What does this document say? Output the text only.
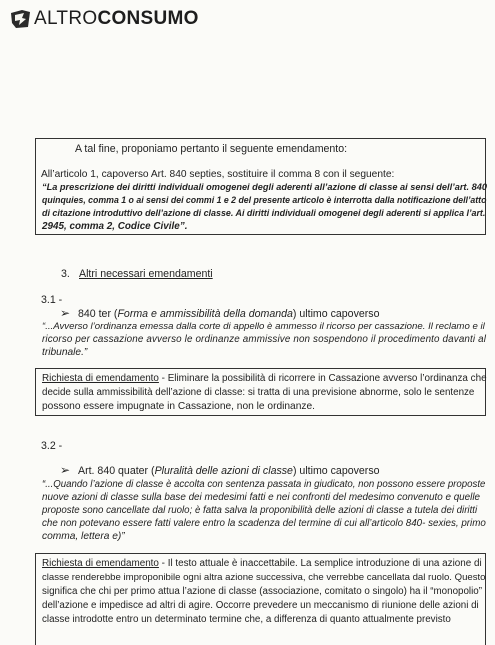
ALTROCONSUMO
A tal fine, proponiamo pertanto il seguente emendamento:
All’articolo 1, capoverso Art. 840 septies, sostituire il comma 8 con il seguente:
“La prescrizione dei diritti individuali omogenei degli aderenti all’azione di classe ai sensi dell’art. 840
quinquies, comma 1 o ai sensi dei commi 1 e 2 del presente articolo è interrotta dalla notificazione dell’atto
di citazione introduttivo dell’azione di classe. Ai diritti individuali omogenei degli aderenti si applica l’art.
2945, comma 2, Codice Civile”.
3. Altri necessari emendamenti
3.1 -
➢ 840 ter (Forma e ammissibilità della domanda) ultimo capoverso
“...Avverso l’ordinanza emessa dalla corte di appello è ammesso il ricorso per cassazione. Il reclamo e il
ricorso per cassazione avverso le ordinanze ammissive non sospendono il procedimento davanti al
tribunale.”
Richiesta di emendamento - Eliminare la possibilità di ricorrere in Cassazione avverso l’ordinanza che
decide sulla ammissibilità dell’azione di classe: si tratta di una previsione abnorme, solo le sentenze
possono essere impugnate in Cassazione, non le ordinanze.
3.2 -
➢ Art. 840 quater (Pluralità delle azioni di classe) ultimo capoverso
“...Quando l’azione di classe è accolta con sentenza passata in giudicato, non possono essere proposte
nuove azioni di classe sulla base dei medesimi fatti e nei confronti del medesimo convenuto e quelle
proposte sono cancellate dal ruolo; è fatta salva la proponibilità delle azioni di classe a tutela dei diritti
che non potevano essere fatti valere entro la scadenza del termine di cui all’articolo 840- sexies, primo
comma, lettera e)”
Richiesta di emendamento - Il testo attuale è inaccettabile. La semplice introduzione di una azione di
classe renderebbe improponibile ogni altra azione successiva, che verrebbe cancellata dal ruolo. Questo
significa che chi per primo attua l’azione di classe (associazione, comitato o singolo) ha il “monopolio”
dell’azione e impedisce ad altri di agire. Occorre prevedere un meccanismo di riunione delle azioni di
classe introdotte entro un determinato termine che, a differenza di quanto attualmente previsto
